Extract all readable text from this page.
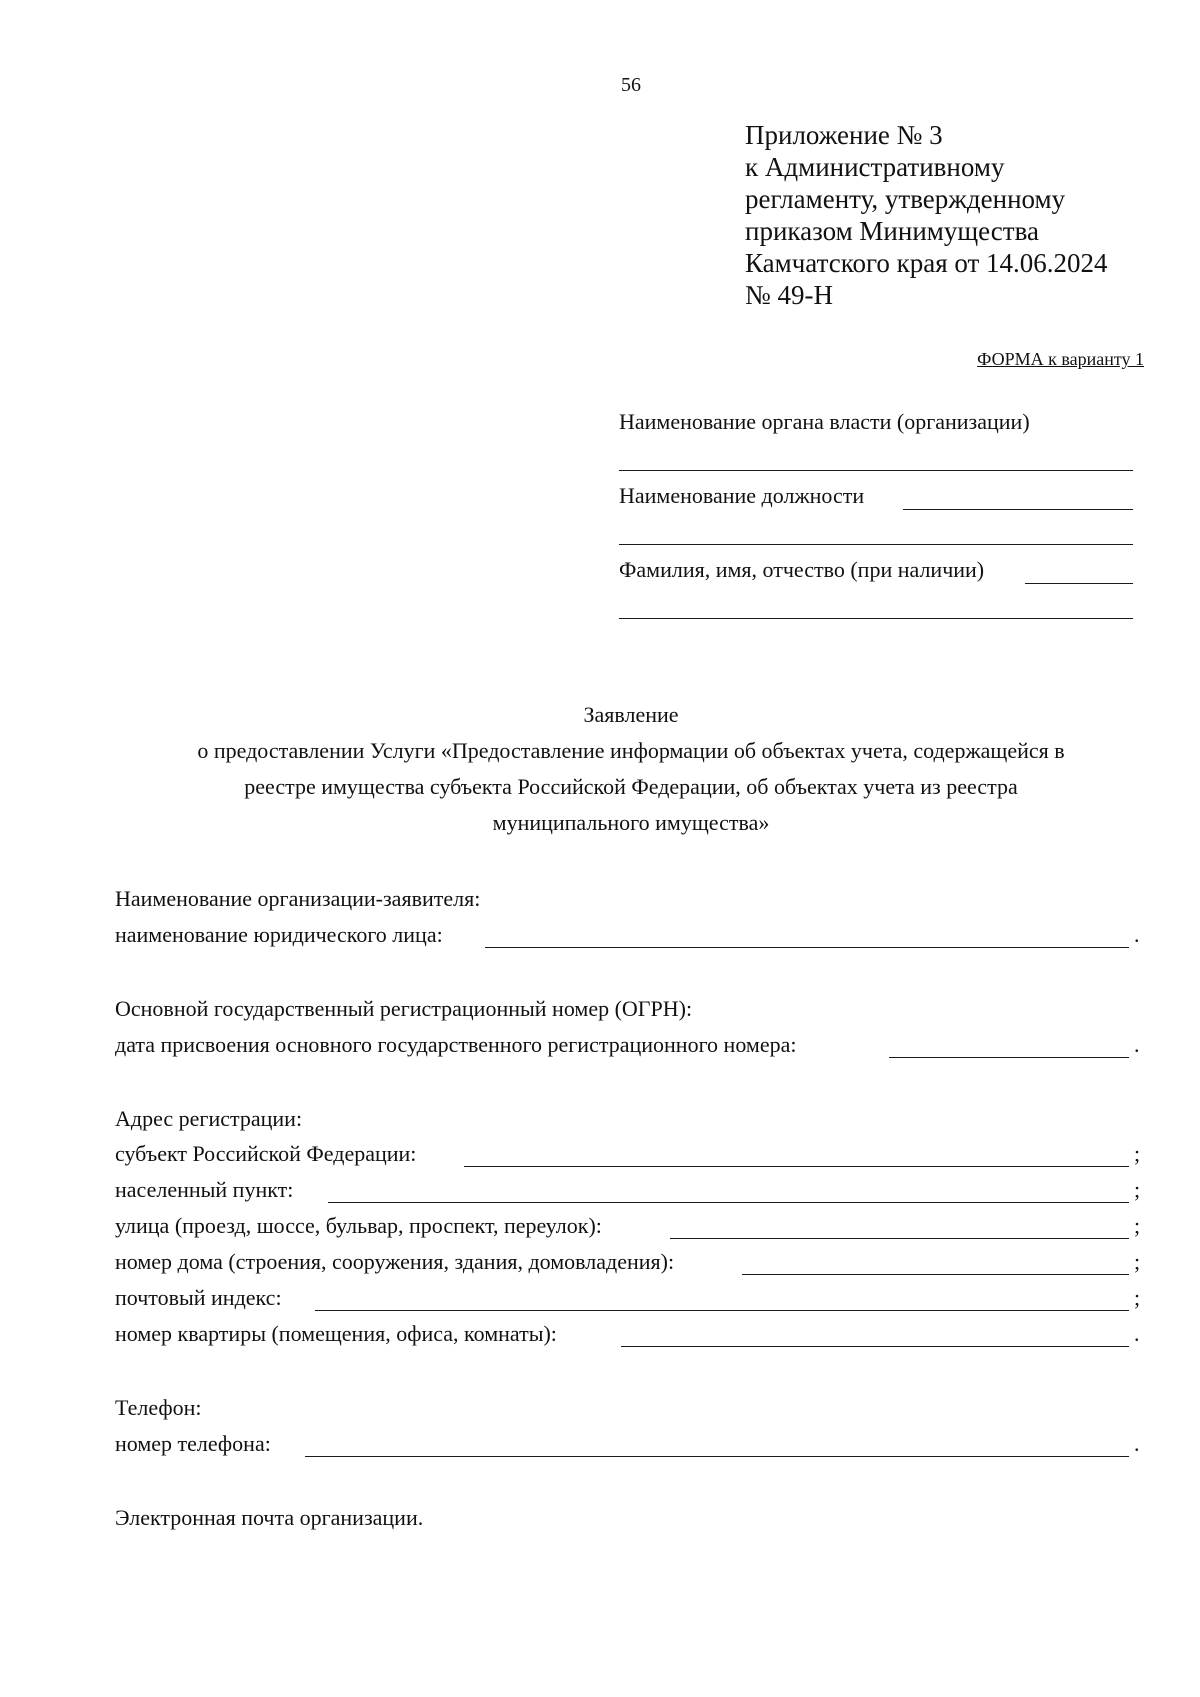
56
Приложение № 3
к Административному
регламенту, утвержденному
приказом Минимущества
Камчатского края от 14.06.2024
№ 49-Н
ФОРМА к варианту 1
Наименование органа власти (организации)
Наименование должности
Фамилия, имя, отчество (при наличии)
Заявление
о предоставлении Услуги «Предоставление информации об объектах учета, содержащейся в
реестре имущества субъекта Российской Федерации, об объектах учета из реестра
муниципального имущества»
Наименование организации-заявителя:
наименование юридического лица:	.
Основной государственный регистрационный номер (ОГРН):
дата присвоения основного государственного регистрационного номера:	.
Адрес регистрации:
субъект Российской Федерации:	;
населенный пункт:	;
улица (проезд, шоссе, бульвар, проспект, переулок):	;
номер дома (строения, сооружения, здания, домовладения):	;
почтовый индекс:	;
номер квартиры (помещения, офиса, комнаты):	.
Телефон:
номер телефона:	.
Электронная почта организации.
